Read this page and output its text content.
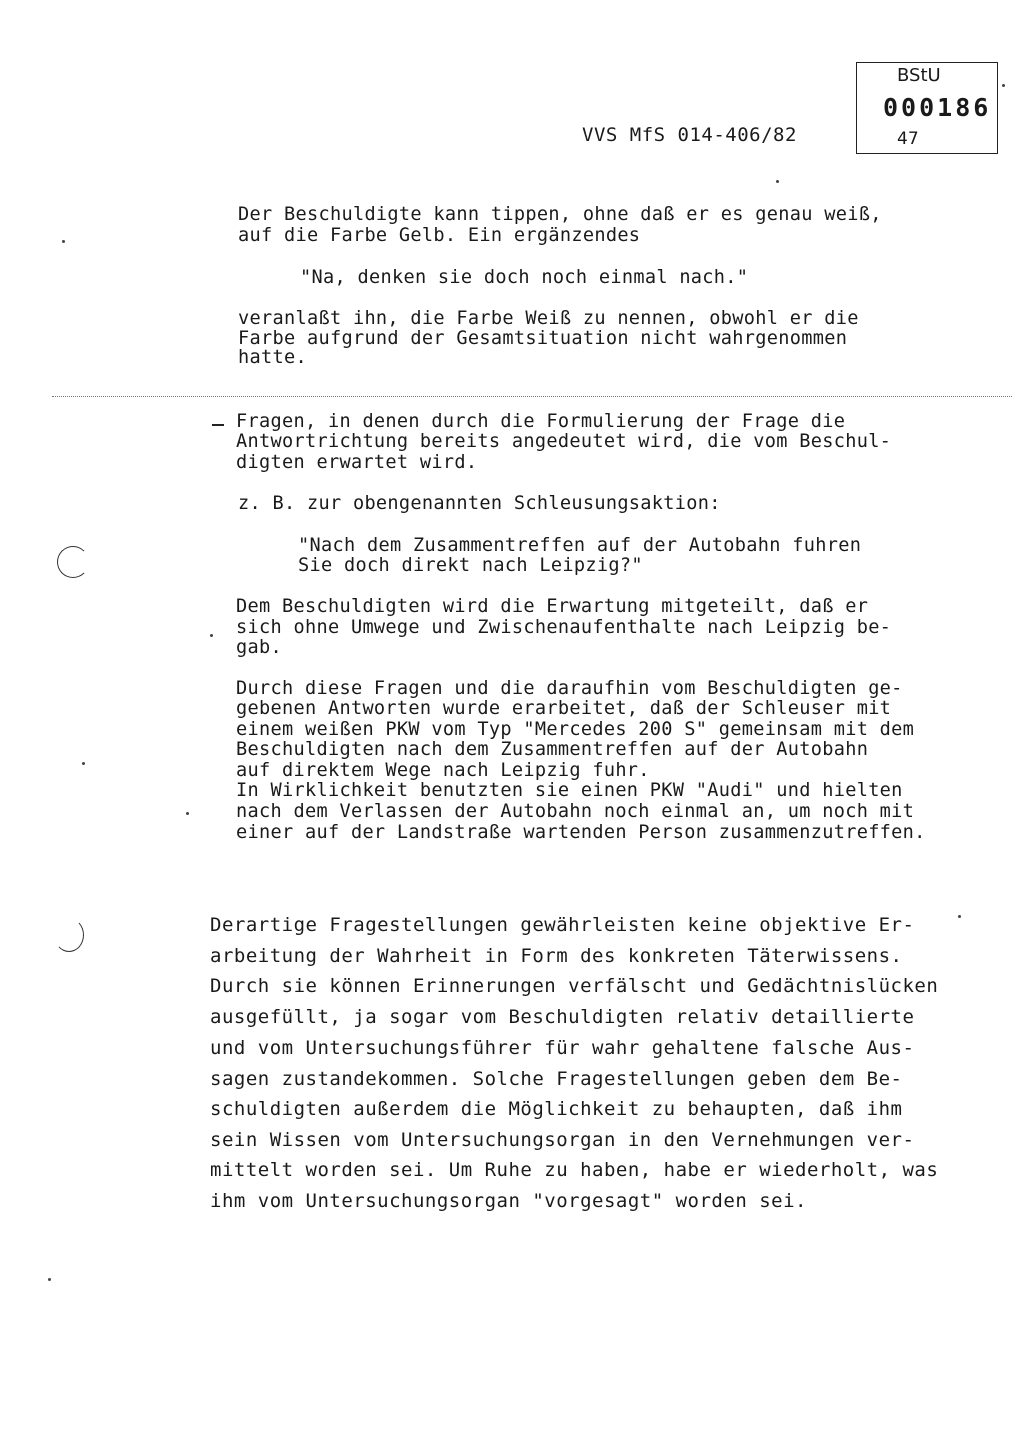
VVS MfS 014-406/82

BStU

000186

47

Der Beschuldigte kann tippen, ohne daß er es genau weiß,
auf die Farbe Gelb. Ein ergänzendes
"Na, denken sie doch noch einmal nach."
veranlaßt ihn, die Farbe Weiß zu nennen, obwohl er die
Farbe aufgrund der Gesamtsituation nicht wahrgenommen
hatte.
Fragen, in denen durch die Formulierung der Frage die
Antwortrichtung bereits angedeutet wird, die vom Beschul-
digten erwartet wird.
z. B. zur obengenannten Schleusungsaktion:
"Nach dem Zusammentreffen auf der Autobahn fuhren
Sie doch direkt nach Leipzig?"
Dem Beschuldigten wird die Erwartung mitgeteilt, daß er
sich ohne Umwege und Zwischenaufenthalte nach Leipzig be-
gab.
Durch diese Fragen und die daraufhin vom Beschuldigten ge-
gebenen Antworten wurde erarbeitet, daß der Schleuser mit
einem weißen PKW vom Typ "Mercedes 200 S" gemeinsam mit dem
Beschuldigten nach dem Zusammentreffen auf der Autobahn
auf direktem Wege nach Leipzig fuhr.
In Wirklichkeit benutzten sie einen PKW "Audi" und hielten
nach dem Verlassen der Autobahn noch einmal an, um noch mit
einer auf der Landstraße wartenden Person zusammenzutreffen.
Derartige Fragestellungen gewährleisten keine objektive Er-
arbeitung der Wahrheit in Form des konkreten Täterwissens.
Durch sie können Erinnerungen verfälscht und Gedächtnislücken
ausgefüllt, ja sogar vom Beschuldigten relativ detaillierte
und vom Untersuchungsführer für wahr gehaltene falsche Aus-
sagen zustandekommen. Solche Fragestellungen geben dem Be-
schuldigten außerdem die Möglichkeit zu behaupten, daß ihm
sein Wissen vom Untersuchungsorgan in den Vernehmungen ver-
mittelt worden sei. Um Ruhe zu haben, habe er wiederholt, was
ihm vom Untersuchungsorgan "vorgesagt" worden sei.
